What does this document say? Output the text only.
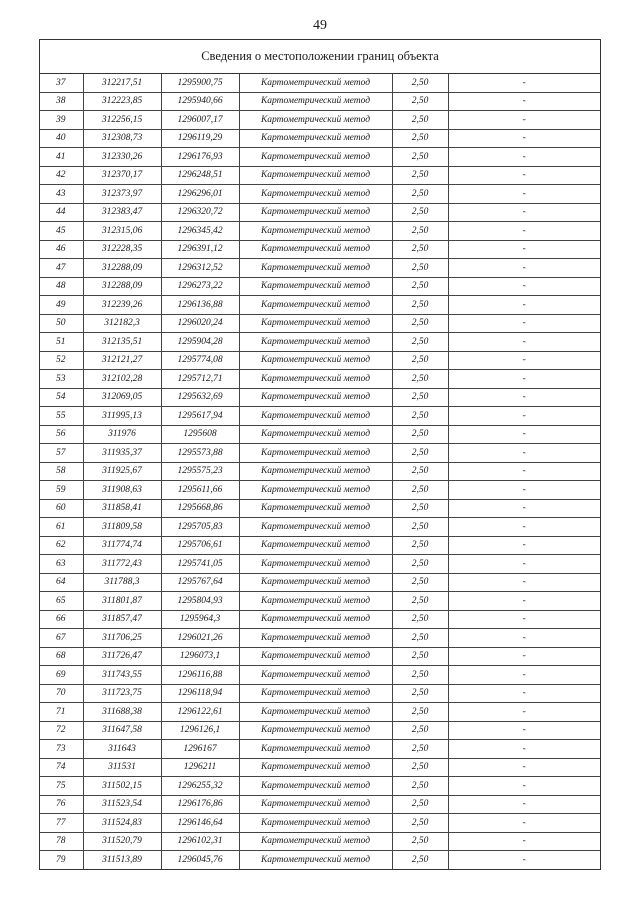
49
Сведения о местоположении границ объекта
37	312217,51	1295900,75	Картометрический метод	2,50	-
38	312223,85	1295940,66	Картометрический метод	2,50	-
39	312256,15	1296007,17	Картометрический метод	2,50	-
40	312308,73	1296119,29	Картометрический метод	2,50	-
41	312330,26	1296176,93	Картометрический метод	2,50	-
42	312370,17	1296248,51	Картометрический метод	2,50	-
43	312373,97	1296296,01	Картометрический метод	2,50	-
44	312383,47	1296320,72	Картометрический метод	2,50	-
45	312315,06	1296345,42	Картометрический метод	2,50	-
46	312228,35	1296391,12	Картометрический метод	2,50	-
47	312288,09	1296312,52	Картометрический метод	2,50	-
48	312288,09	1296273,22	Картометрический метод	2,50	-
49	312239,26	1296136,88	Картометрический метод	2,50	-
50	312182,3	1296020,24	Картометрический метод	2,50	-
51	312135,51	1295904,28	Картометрический метод	2,50	-
52	312121,27	1295774,08	Картометрический метод	2,50	-
53	312102,28	1295712,71	Картометрический метод	2,50	-
54	312069,05	1295632,69	Картометрический метод	2,50	-
55	311995,13	1295617,94	Картометрический метод	2,50	-
56	311976	1295608	Картометрический метод	2,50	-
57	311935,37	1295573,88	Картометрический метод	2,50	-
58	311925,67	1295575,23	Картометрический метод	2,50	-
59	311908,63	1295611,66	Картометрический метод	2,50	-
60	311858,41	1295668,86	Картометрический метод	2,50	-
61	311809,58	1295705,83	Картометрический метод	2,50	-
62	311774,74	1295706,61	Картометрический метод	2,50	-
63	311772,43	1295741,05	Картометрический метод	2,50	-
64	311788,3	1295767,64	Картометрический метод	2,50	-
65	311801,87	1295804,93	Картометрический метод	2,50	-
66	311857,47	1295964,3	Картометрический метод	2,50	-
67	311706,25	1296021,26	Картометрический метод	2,50	-
68	311726,47	1296073,1	Картометрический метод	2,50	-
69	311743,55	1296116,88	Картометрический метод	2,50	-
70	311723,75	1296118,94	Картометрический метод	2,50	-
71	311688,38	1296122,61	Картометрический метод	2,50	-
72	311647,58	1296126,1	Картометрический метод	2,50	-
73	311643	1296167	Картометрический метод	2,50	-
74	311531	1296211	Картометрический метод	2,50	-
75	311502,15	1296255,32	Картометрический метод	2,50	-
76	311523,54	1296176,86	Картометрический метод	2,50	-
77	311524,83	1296146,64	Картометрический метод	2,50	-
78	311520,79	1296102,31	Картометрический метод	2,50	-
79	311513,89	1296045,76	Картометрический метод	2,50	-
